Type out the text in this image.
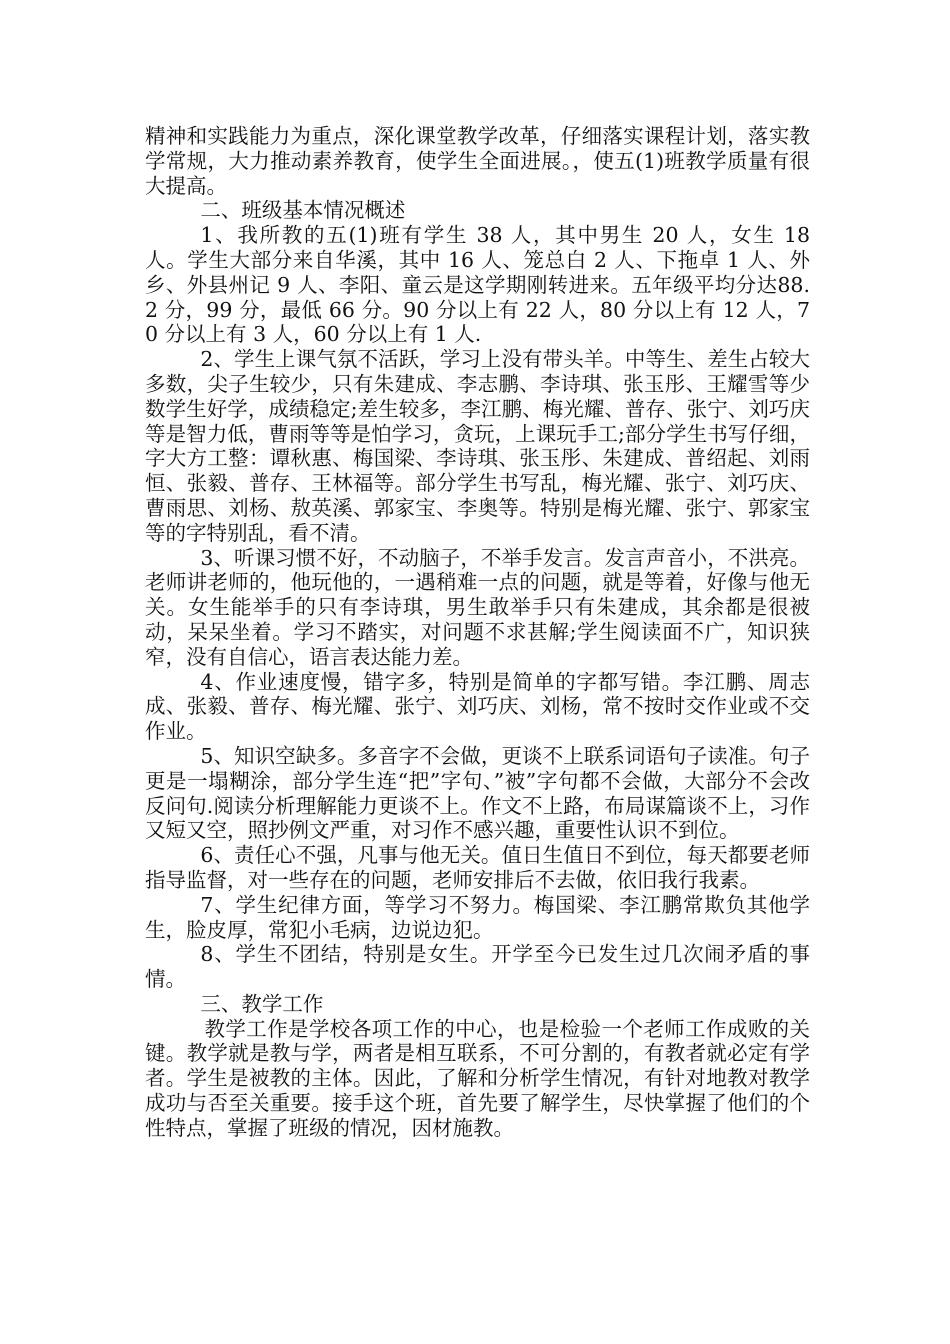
精神和实践能力为重点，深化课堂教学改革，仔细落实课程计划，落实教学常规，大力推动素养教育，使学生全面进展。，使五(1)班教学质量有很大提高。

二、班级基本情况概述

1、我所教的五(1)班有学生 38 人，其中男生 20 人，女生 18 人。学生大部分来自华溪，其中 16 人、笼总白 2 人、下拖卓 1 人、外乡、外县州记 9 人、李阳、童云是这学期刚转进来。五年级平均分达88.2 分，99 分，最低 66 分。90 分以上有 22 人，80 分以上有 12 人，70 分以上有 3 人，60 分以上有 1 人.

2、学生上课气氛不活跃，学习上没有带头羊。中等生、差生占较大多数，尖子生较少，只有朱建成、李志鹏、李诗琪、张玉彤、王耀雪等少数学生好学，成绩稳定;差生较多，李江鹏、梅光耀、普存、张宁、刘巧庆等是智力低，曹雨等等是怕学习，贪玩，上课玩手工;部分学生书写仔细，字大方工整：谭秋惠、梅国梁、李诗琪、张玉彤、朱建成、普绍起、刘雨恒、张毅、普存、王林福等。部分学生书写乱，梅光耀、张宁、刘巧庆、曹雨思、刘杨、敖英溪、郭家宝、李奥等。特别是梅光耀、张宁、郭家宝等的字特别乱，看不清。

3、听课习惯不好，不动脑子，不举手发言。发言声音小，不洪亮。老师讲老师的，他玩他的，一遇稍难一点的问题，就是等着，好像与他无关。女生能举手的只有李诗琪，男生敢举手只有朱建成，其余都是很被动，呆呆坐着。学习不踏实，对问题不求甚解;学生阅读面不广，知识狭窄，没有自信心，语言表达能力差。

4、作业速度慢，错字多，特别是简单的字都写错。李江鹏、周志成、张毅、普存、梅光耀、张宁、刘巧庆、刘杨，常不按时交作业或不交作业。

5、知识空缺多。多音字不会做，更谈不上联系词语句子读准。句子更是一塌糊涂，部分学生连“把”字句、”被”字句都不会做，大部分不会改反问句.阅读分析理解能力更谈不上。作文不上路，布局谋篇谈不上，习作又短又空，照抄例文严重，对习作不感兴趣，重要性认识不到位。

6、责任心不强，凡事与他无关。值日生值日不到位，每天都要老师指导监督，对一些存在的问题，老师安排后不去做，依旧我行我素。

7、学生纪律方面，等学习不努力。梅国梁、李江鹏常欺负其他学生，脸皮厚，常犯小毛病，边说边犯。

8、学生不团结，特别是女生。开学至今已发生过几次闹矛盾的事情。

三、教学工作

教学工作是学校各项工作的中心，也是检验一个老师工作成败的关键。教学就是教与学，两者是相互联系，不可分割的，有教者就必定有学者。学生是被教的主体。因此，了解和分析学生情况，有针对地教对教学成功与否至关重要。接手这个班，首先要了解学生，尽快掌握了他们的个性特点，掌握了班级的情况，因材施教。
